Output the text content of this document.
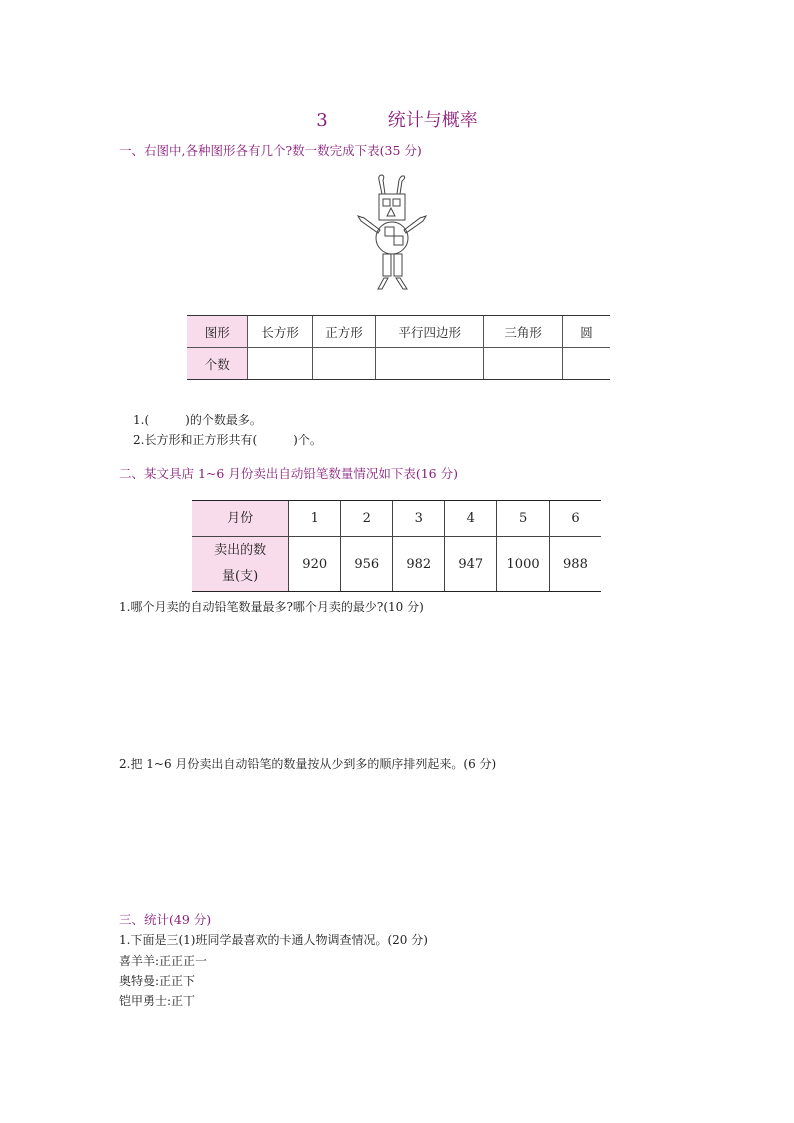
3	统计与概率
一、右图中,各种图形各有几个?数一数完成下表(35 分)
图形	长方形	正方形	平行四边形	三角形	圆
个数					
1.(　　　)的个数最多。
2.长方形和正方形共有(　　　)个。
二、某文具店 1~6 月份卖出自动铅笔数量情况如下表(16 分)
月份	1	2	3	4	5	6
卖出的数
量(支)	920	956	982	947	1000	988
1.哪个月卖的自动铅笔数量最多?哪个月卖的最少?(10 分)
2.把 1~6 月份卖出自动铅笔的数量按从少到多的顺序排列起来。(6 分)
三、统计(49 分)
1.下面是三(1)班同学最喜欢的卡通人物调查情况。(20 分)
喜羊羊:正正正一
奥特曼:正正下
铠甲勇士:正丅
